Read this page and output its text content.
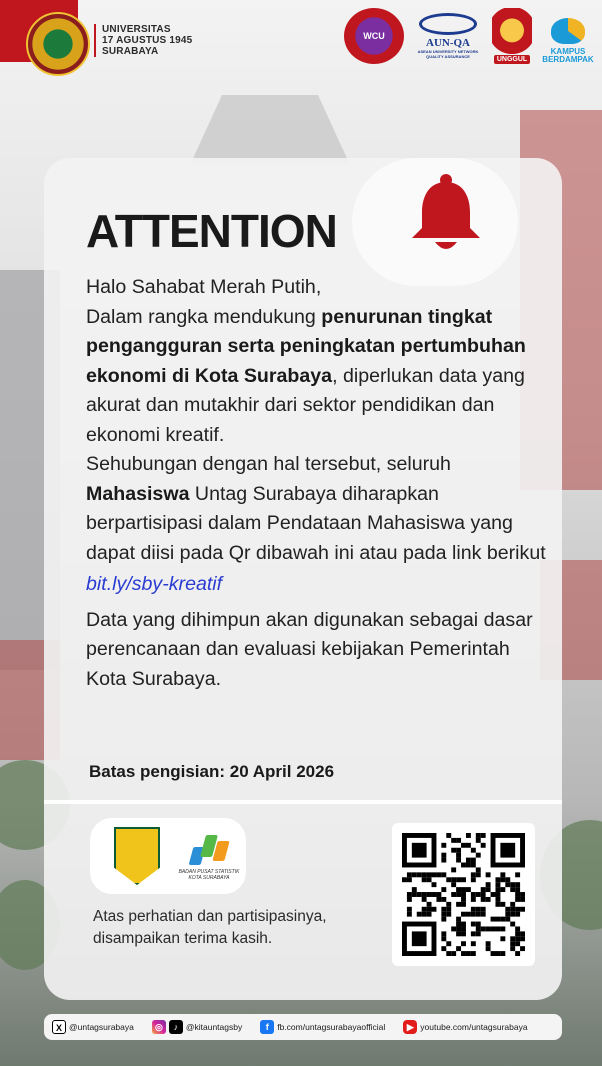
UNIVERSITAS
17 AGUSTUS 1945
SURABAYA
WCU
AUN-QA
ASEAN UNIVERSITY NETWORK QUALITY ASSURANCE	UNGGUL
KAMPUS BERDAMPAK
ATTENTION
Halo Sahabat Merah Putih,
Dalam rangka mendukung penurunan tingkat pengangguran serta peningkatan pertumbuhan ekonomi di Kota Surabaya, diperlukan data yang akurat dan mutakhir dari sektor pendidikan dan ekonomi kreatif.
Sehubungan dengan hal tersebut, seluruh Mahasiswa Untag Surabaya diharapkan berpartisipasi dalam Pendataan Mahasiswa yang dapat diisi pada Qr dibawah ini atau pada link berikut
bit.ly/sby-kreatif
Data yang dihimpun akan digunakan sebagai dasar perencanaan dan evaluasi kebijakan Pemerintah Kota Surabaya.
Batas pengisian: 20 April 2026
BADAN PUSAT STATISTIK KOTA SURABAYA
Atas perhatian dan partisipasinya,
disampaikan terima kasih.
X @untagsurabaya	◎	♪ @kitauntagsby	f	fb.com/untagsurabayaofficial	▶ youtube.com/untagsurabaya
